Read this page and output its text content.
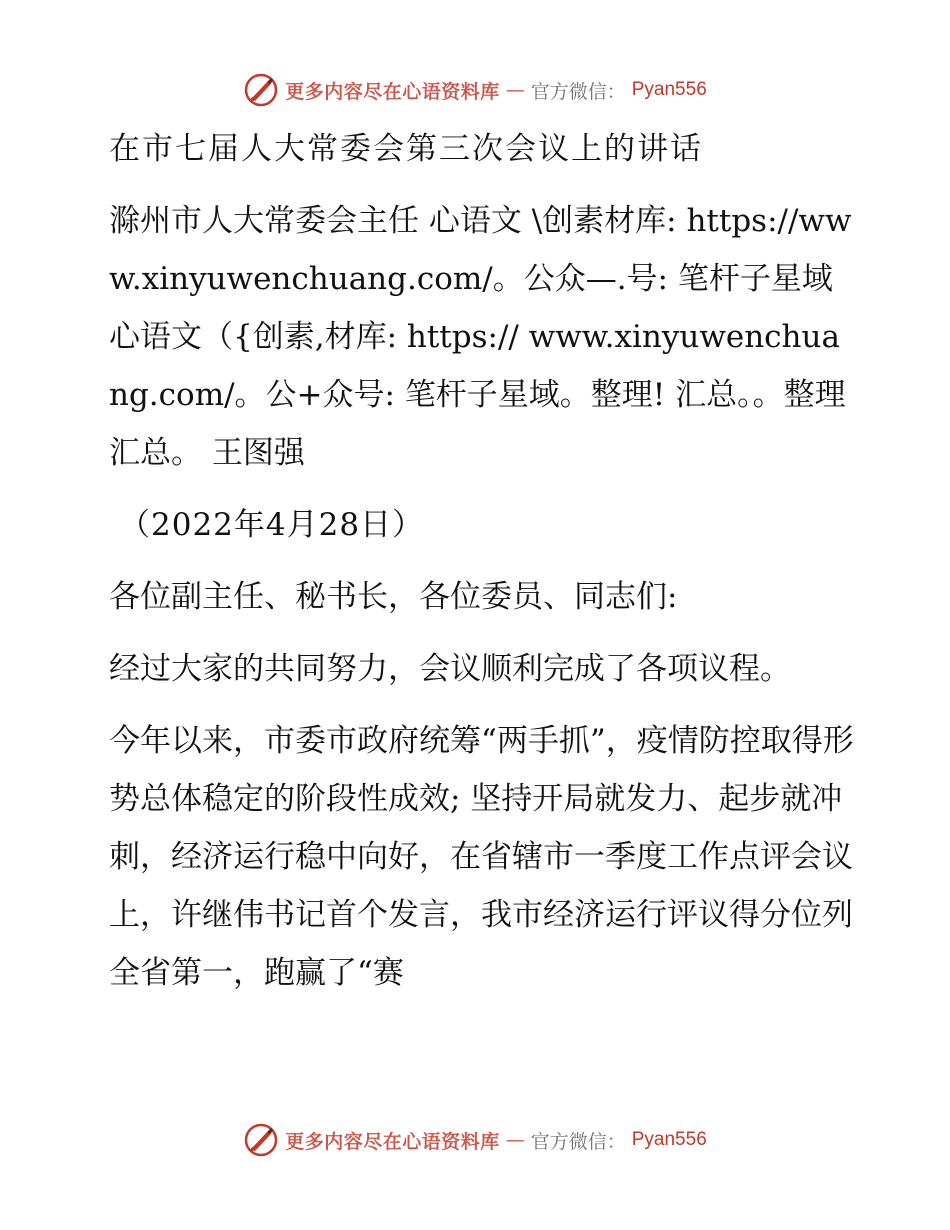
更多内容尽在心语资料库 — 官方微信： Pyan556

在市七届人大常委会第三次会议上的讲话

滁州市人大常委会主任 心语文 \创素材库: https://www.xinyuwenchuang.com/。公众—.号: 笔杆子星域心语文（{创素,材库: https:// www.xinyuwenchuang.com/。公+众号: 笔杆子星域。整理! 汇总。。整理汇总。 王图强

（2022年4月28日）

各位副主任、秘书长，各位委员、同志们:

经过大家的共同努力，会议顺利完成了各项议程。

今年以来，市委市政府统筹“两手抓”，疫情防控取得形势总体稳定的阶段性成效; 坚持开局就发力、起步就冲刺，经济运行稳中向好，在省辖市一季度工作点评会议上，许继伟书记首个发言，我市经济运行评议得分位列全省第一，跑赢了“赛

更多内容尽在心语资料库 — 官方微信： Pyan556
